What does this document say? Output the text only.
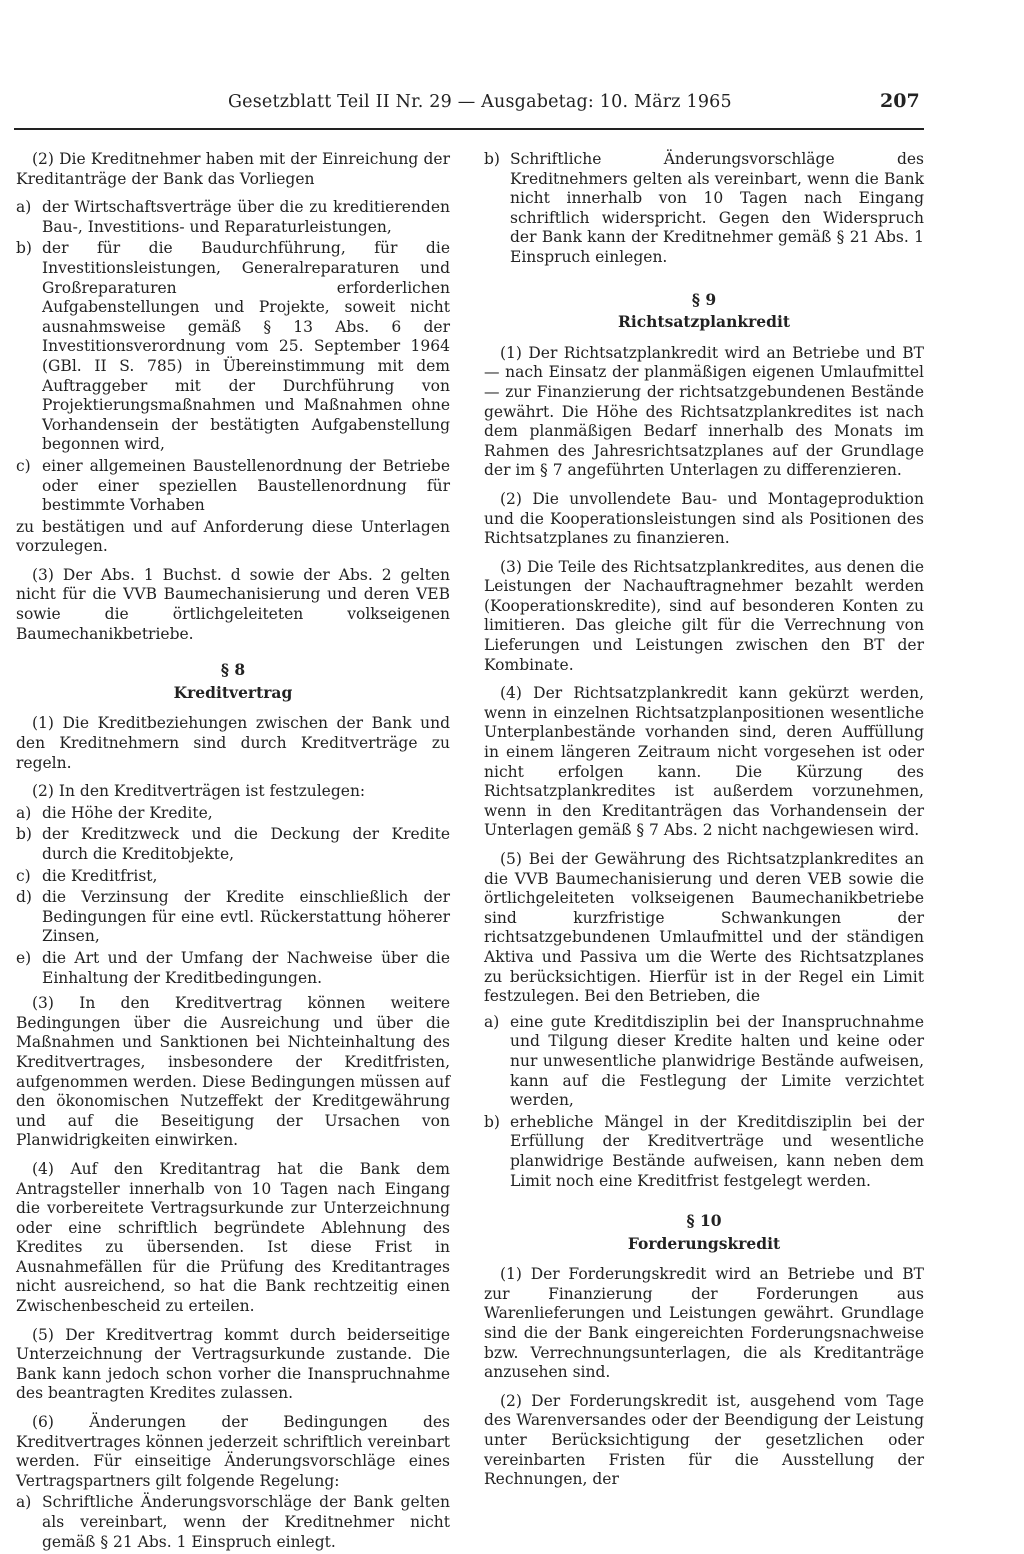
Gesetzblatt Teil II Nr. 29 — Ausgabetag: 10. März 1965	207

(2) Die Kreditnehmer haben mit der Einreichung der Kreditanträge der Bank das Vorliegen

a) der Wirtschaftsverträge über die zu kreditierenden Bau-, Investitions- und Reparaturleistungen,
b) der für die Baudurchführung, für die Investitionsleistungen, Generalreparaturen und Großreparaturen erforderlichen Aufgabenstellungen und Projekte, soweit nicht ausnahmsweise gemäß § 13 Abs. 6 der Investitionsverordnung vom 25. September 1964 (GBl. II S. 785) in Übereinstimmung mit dem Auftraggeber mit der Durchführung von Projektierungsmaßnahmen und Maßnahmen ohne Vorhandensein der bestätigten Aufgabenstellung begonnen wird,
c) einer allgemeinen Baustellenordnung der Betriebe oder einer speziellen Baustellenordnung für bestimmte Vorhaben

zu bestätigen und auf Anforderung diese Unterlagen vorzulegen.

(3) Der Abs. 1 Buchst. d sowie der Abs. 2 gelten nicht für die VVB Baumechanisierung und deren VEB sowie die örtlichgeleiteten volkseigenen Baumechanikbetriebe.

§ 8
Kreditvertrag

(1) Die Kreditbeziehungen zwischen der Bank und den Kreditnehmern sind durch Kreditverträge zu regeln.

(2) In den Kreditverträgen ist festzulegen:

a) die Höhe der Kredite,
b) der Kreditzweck und die Deckung der Kredite durch die Kreditobjekte,
c) die Kreditfrist,
d) die Verzinsung der Kredite einschließlich der Bedingungen für eine evtl. Rückerstattung höherer Zinsen,
e) die Art und der Umfang der Nachweise über die Einhaltung der Kreditbedingungen.

(3) In den Kreditvertrag können weitere Bedingungen über die Ausreichung und über die Maßnahmen und Sanktionen bei Nichteinhaltung des Kreditvertrages, insbesondere der Kreditfristen, aufgenommen werden. Diese Bedingungen müssen auf den ökonomischen Nutzeffekt der Kreditgewährung und auf die Beseitigung der Ursachen von Planwidrigkeiten einwirken.

(4) Auf den Kreditantrag hat die Bank dem Antragsteller innerhalb von 10 Tagen nach Eingang die vorbereitete Vertragsurkunde zur Unterzeichnung oder eine schriftlich begründete Ablehnung des Kredites zu übersenden. Ist diese Frist in Ausnahmefällen für die Prüfung des Kreditantrages nicht ausreichend, so hat die Bank rechtzeitig einen Zwischenbescheid zu erteilen.

(5) Der Kreditvertrag kommt durch beiderseitige Unterzeichnung der Vertragsurkunde zustande. Die Bank kann jedoch schon vorher die Inanspruchnahme des beantragten Kredites zulassen.

(6) Änderungen der Bedingungen des Kreditvertrages können jederzeit schriftlich vereinbart werden. Für einseitige Änderungsvorschläge eines Vertragspartners gilt folgende Regelung:

a) Schriftliche Änderungsvorschläge der Bank gelten als vereinbart, wenn der Kreditnehmer nicht gemäß § 21 Abs. 1 Einspruch einlegt.
b) Schriftliche Änderungsvorschläge des Kreditnehmers gelten als vereinbart, wenn die Bank nicht innerhalb von 10 Tagen nach Eingang schriftlich widerspricht. Gegen den Widerspruch der Bank kann der Kreditnehmer gemäß § 21 Abs. 1 Einspruch einlegen.
§ 9
Richtsatzplankredit

(1) Der Richtsatzplankredit wird an Betriebe und BT — nach Einsatz der planmäßigen eigenen Umlaufmittel — zur Finanzierung der richtsatzgebundenen Bestände gewährt. Die Höhe des Richtsatzplankredites ist nach dem planmäßigen Bedarf innerhalb des Monats im Rahmen des Jahresrichtsatzplanes auf der Grundlage der im § 7 angeführten Unterlagen zu differenzieren.

(2) Die unvollendete Bau- und Montageproduktion und die Kooperationsleistungen sind als Positionen des Richtsatzplanes zu finanzieren.

(3) Die Teile des Richtsatzplankredites, aus denen die Leistungen der Nachauftragnehmer bezahlt werden (Kooperationskredite), sind auf besonderen Konten zu limitieren. Das gleiche gilt für die Verrechnung von Lieferungen und Leistungen zwischen den BT der Kombinate.

(4) Der Richtsatzplankredit kann gekürzt werden, wenn in einzelnen Richtsatzplanpositionen wesentliche Unterplanbestände vorhanden sind, deren Auffüllung in einem längeren Zeitraum nicht vorgesehen ist oder nicht erfolgen kann. Die Kürzung des Richtsatzplankredites ist außerdem vorzunehmen, wenn in den Kreditanträgen das Vorhandensein der Unterlagen gemäß § 7 Abs. 2 nicht nachgewiesen wird.

(5) Bei der Gewährung des Richtsatzplankredites an die VVB Baumechanisierung und deren VEB sowie die örtlichgeleiteten volkseigenen Baumechanikbetriebe sind kurzfristige Schwankungen der richtsatzgebundenen Umlaufmittel und der ständigen Aktiva und Passiva um die Werte des Richtsatzplanes zu berücksichtigen. Hierfür ist in der Regel ein Limit festzulegen. Bei den Betrieben, die

a) eine gute Kreditdisziplin bei der Inanspruchnahme und Tilgung dieser Kredite halten und keine oder nur unwesentliche planwidrige Bestände aufweisen, kann auf die Festlegung der Limite verzichtet werden,
b) erhebliche Mängel in der Kreditdisziplin bei der Erfüllung der Kreditverträge und wesentliche planwidrige Bestände aufweisen, kann neben dem Limit noch eine Kreditfrist festgelegt werden.
§ 10
Forderungskredit

(1) Der Forderungskredit wird an Betriebe und BT zur Finanzierung der Forderungen aus Warenlieferungen und Leistungen gewährt. Grundlage sind die der Bank eingereichten Forderungsnachweise bzw. Verrechnungsunterlagen, die als Kreditanträge anzusehen sind.

(2) Der Forderungskredit ist, ausgehend vom Tage des Warenversandes oder der Beendigung der Leistung unter Berücksichtigung der gesetzlichen oder vereinbarten Fristen für die Ausstellung der Rechnungen, der
